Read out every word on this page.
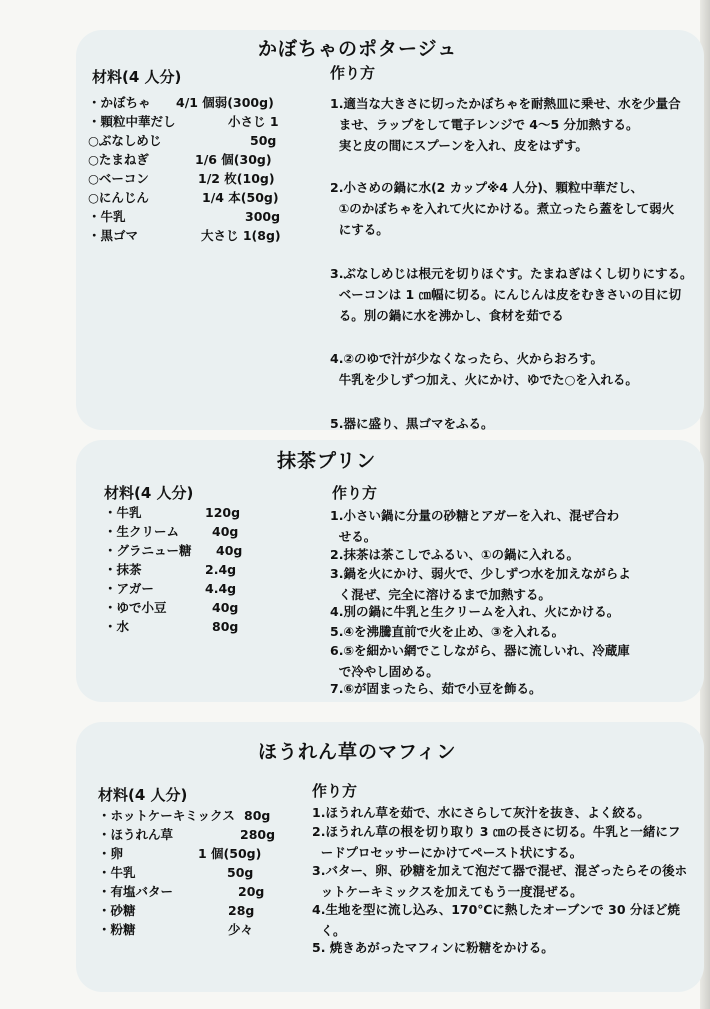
かぼちゃのポタージュ
材料(4 人分)	作り方
・かぼちゃ 4/1 個弱(300g)
・顆粒中華だし	小さじ 1
○ぶなしめじ	50g
○たまねぎ	1/6 個(30g)
○ベーコン	1/2 枚(10g)
○にんじん	1/4 本(50g)
・牛乳	300g
・黒ゴマ	大さじ 1(8g)
1.適当な大きさに切ったかぼちゃを耐熱皿に乗せ、水を少量合
ませ、ラップをして電子レンジで 4～5 分加熱する。
実と皮の間にスプーンを入れ、皮をはずす。
2.小さめの鍋に水(2 カップ※4 人分)、顆粒中華だし、
①のかぼちゃを入れて火にかける。煮立ったら蓋をして弱火
にする。
3.ぶなしめじは根元を切りほぐす。たまねぎはくし切りにする。
ベーコンは 1 ㎝幅に切る。にんじんは皮をむきさいの目に切
る。別の鍋に水を沸かし、食材を茹でる
4.②のゆで汁が少なくなったら、火からおろす。
牛乳を少しずつ加え、火にかけ、ゆでた○を入れる。
5.器に盛り、黒ゴマをふる。
抹茶プリン
材料(4 人分)	作り方
・牛乳	120g
・生クリーム	40g
・グラニュー糖 40g
・抹茶	2.4g
・アガー	4.4g
・ゆで小豆	40g
・水	80g
1.小さい鍋に分量の砂糖とアガーを入れ、混ぜ合わ
せる。
2.抹茶は茶こしでふるい、①の鍋に入れる。
3.鍋を火にかけ、弱火で、少しずつ水を加えながらよ
く混ぜ、完全に溶けるまで加熱する。
4.別の鍋に牛乳と生クリームを入れ、火にかける。
5.④を沸騰直前で火を止め、③を入れる。
6.⑤を細かい網でこしながら、器に流しいれ、冷蔵庫
で冷やし固める。
7.⑥が固まったら、茹で小豆を飾る。
ほうれん草のマフィン
材料(4 人分)	作り方
・ホットケーキミックス 80g
・ほうれん草	280g
・卵	1 個(50g)
・牛乳	50g
・有塩バター	20g
・砂糖	28g
・粉糖	少々
1.ほうれん草を茹で、水にさらして灰汁を抜き、よく絞る。
2.ほうれん草の根を切り取り 3 ㎝の長さに切る。牛乳と一緒にフ
ードプロセッサーにかけてペースト状にする。
3.バター、卵、砂糖を加えて泡だて器で混ぜ、混ざったらその後ホ
ットケーキミックスを加えてもう一度混ぜる。
4.生地を型に流し込み、170℃に熱したオーブンで 30 分ほど焼
く。
5. 焼きあがったマフィンに粉糖をかける。
